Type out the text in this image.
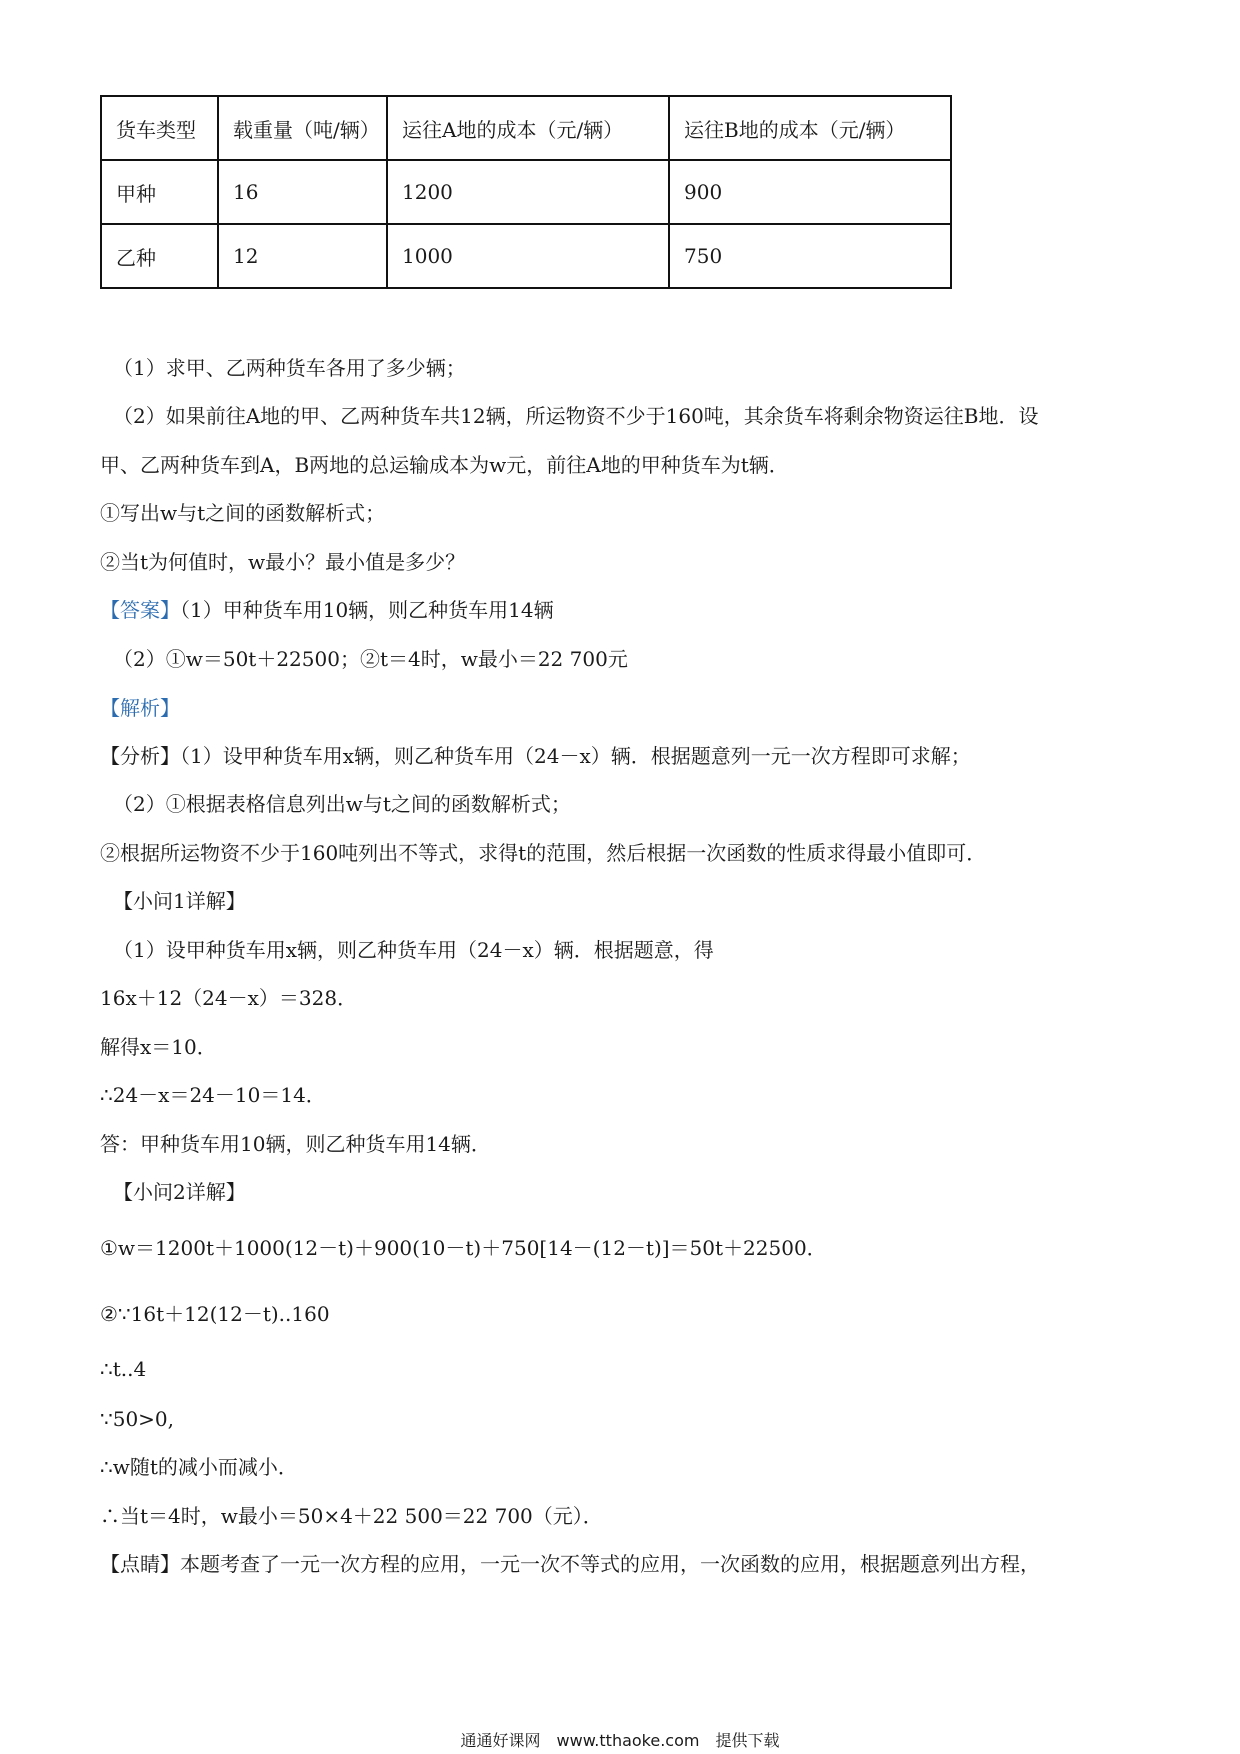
货车类型	载重量（吨/辆）	运往A地的成本（元/辆）	运往B地的成本（元/辆）
甲种	16	1200	900
乙种	12	1000	750
（1）求甲、乙两种货车各用了多少辆；
（2）如果前往A地的甲、乙两种货车共12辆，所运物资不少于160吨，其余货车将剩余物资运往B地．设
甲、乙两种货车到A，B两地的总运输成本为w元，前往A地的甲种货车为t辆．
①写出w与t之间的函数解析式；
②当t为何值时，w最小？最小值是多少？
【答案】（1）甲种货车用10辆，则乙种货车用14辆
（2）①w＝50t＋22500；②t＝4时，w最小＝22 700元
【解析】
【分析】（1）设甲种货车用x辆，则乙种货车用（24－x）辆．根据题意列一元一次方程即可求解；
（2）①根据表格信息列出w与t之间的函数解析式；
②根据所运物资不少于160吨列出不等式，求得t的范围，然后根据一次函数的性质求得最小值即可．
【小问1详解】
（1）设甲种货车用x辆，则乙种货车用（24－x）辆．根据题意，得
16x＋12（24－x）＝328．
解得x＝10．
∴24－x＝24－10＝14．
答：甲种货车用10辆，则乙种货车用14辆．
【小问2详解】
①w＝1200t＋1000(12－t)＋900(10－t)＋750[14－(12－t)]＝50t＋22500．
②∵16t＋12(12－t)..160
∴t..4
∵50>0,
∴w随t的减小而减小．
∴当t＝4时，w最小＝50×4＋22 500＝22 700（元）．
【点睛】本题考查了一元一次方程的应用，一元一次不等式的应用，一次函数的应用，根据题意列出方程，
通通好课网　www.tthaoke.com　提供下载
